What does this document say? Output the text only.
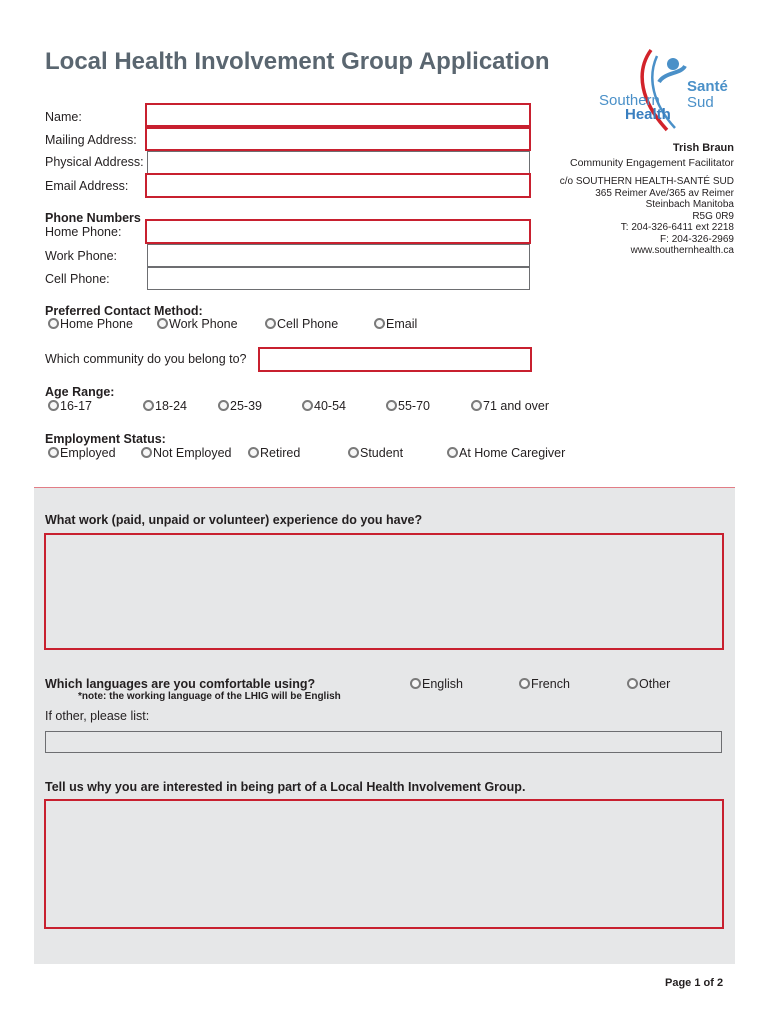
Local Health Involvement Group Application
Southern
Health
Santé
Sud
Trish Braun
Community Engagement Facilitator
c/o SOUTHERN HEALTH-SANTÉ SUD
365 Reimer Ave/365 av Reimer
Steinbach Manitoba
R5G 0R9
T: 204-326-6411 ext 2218
F: 204-326-2969
www.southernhealth.ca
Name:
Mailing Address:
Physical Address:
Email Address:
Phone Numbers
Home Phone:
Work Phone:
Cell Phone:
Preferred Contact Method:
Home Phone	Work Phone	Cell Phone	Email
Which community do you belong to?
Age Range:
16-17	18-24	25-39	40-54	55-70	71 and over
Employment Status:
Employed	Not Employed	Retired	Student	At Home Caregiver
What work (paid, unpaid or volunteer) experience do you have?
Which languages are you comfortable using?
*note: the working language of the LHIG will be English
English	French	Other
If other, please list:
Tell us why you are interested in being part of a Local Health Involvement Group.
Page 1 of 2
